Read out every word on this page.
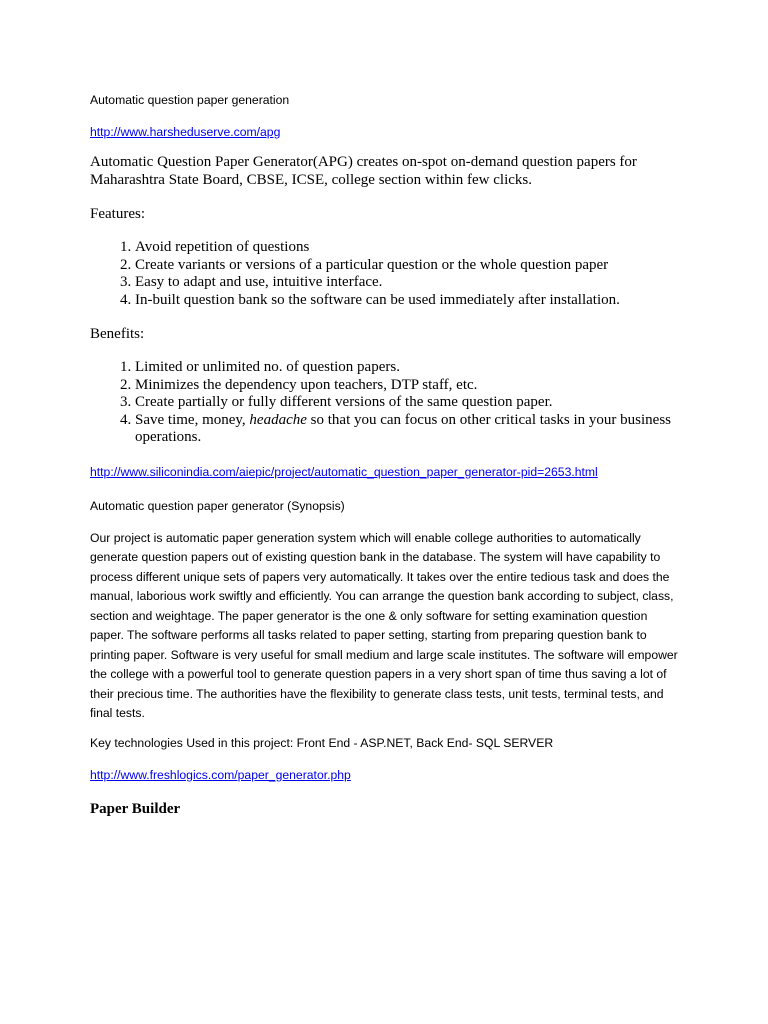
Automatic question paper generation

http://www.harsheduserve.com/apg

Automatic Question Paper Generator(APG) creates on-spot on-demand question papers for Maharashtra State Board, CBSE, ICSE, college section within few clicks.

Features:

1. Avoid repetition of questions
2. Create variants or versions of a particular question or the whole question paper
3. Easy to adapt and use, intuitive interface.
4. In-built question bank so the software can be used immediately after installation.

Benefits:

1. Limited or unlimited no. of question papers.
2. Minimizes the dependency upon teachers, DTP staff, etc.
3. Create partially or fully different versions of the same question paper.
4. Save time, money, headache so that you can focus on other critical tasks in your business operations.

http://www.siliconindia.com/aiepic/project/automatic_question_paper_generator-pid=2653.html

Automatic question paper generator (Synopsis)

Our project is automatic paper generation system which will enable college authorities to automatically generate question papers out of existing question bank in the database. The system will have capability to process different unique sets of papers very automatically. It takes over the entire tedious task and does the manual, laborious work swiftly and efficiently. You can arrange the question bank according to subject, class, section and weightage. The paper generator is the one & only software for setting examination question paper. The software performs all tasks related to paper setting, starting from preparing question bank to printing paper. Software is very useful for small medium and large scale institutes. The software will empower the college with a powerful tool to generate question papers in a very short span of time thus saving a lot of their precious time. The authorities have the flexibility to generate class tests, unit tests, terminal tests, and final tests.

Key technologies Used in this project: Front End - ASP.NET, Back End- SQL SERVER

http://www.freshlogics.com/paper_generator.php

Paper Builder
